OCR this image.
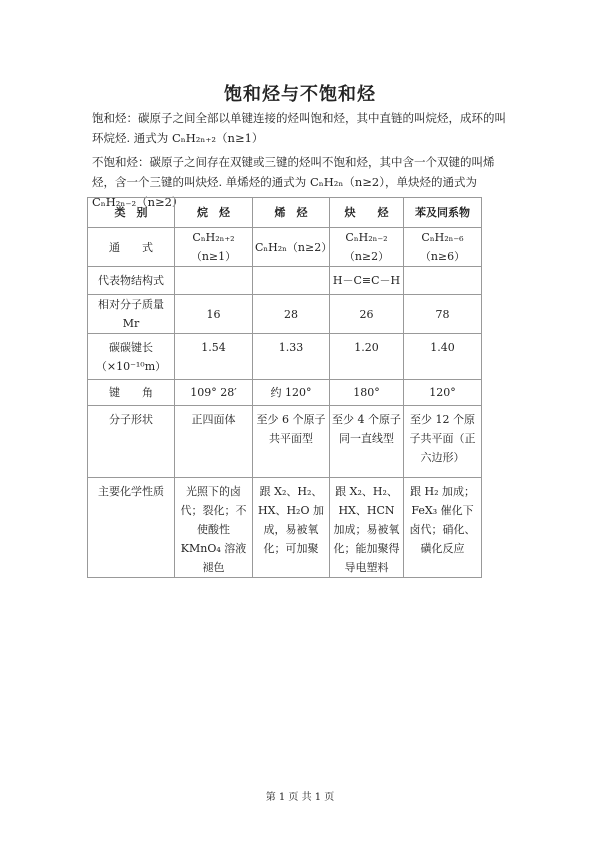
饱和烃与不饱和烃
饱和烃：碳原子之间全部以单键连接的烃叫饱和烃，其中直链的叫烷烃，成环的叫环烷烃. 通式为 CₙH₂ₙ₊₂（n≥1）
不饱和烃：碳原子之间存在双键或三键的烃叫不饱和烃，其中含一个双键的叫烯烃，含一个三键的叫炔烃. 单烯烃的通式为 CₙH₂ₙ（n≥2），单炔烃的通式为 CₙH₂ₙ₋₂（n≥2）
类　别	烷　烃	烯　烃	炔　　烃	苯及同系物
通　　式	CₙH₂ₙ₊₂（n≥1）	CₙH₂ₙ（n≥2）	CₙH₂ₙ₋₂（n≥2）	CₙH₂ₙ₋₆（n≥6）
代表物结构式			H－C≡C－H	
相对分子质量 Mr	16	28	26	78
碳碳键长（×10⁻¹⁰m）	1.54	1.33	1.20	1.40
键　　角	109° 28′	约 120°	180°	120°
分子形状	正四面体	至少 6 个原子共平面型	至少 4 个原子同一直线型	至少 12 个原子共平面（正六边形）
主要化学性质	光照下的卤代；裂化；不使酸性 KMnO₄ 溶液褪色	跟 X₂、H₂、HX、H₂O 加成，易被氧化；可加聚	跟 X₂、H₂、HX、HCN 加成；易被氧化；能加聚得导电塑料	跟 H₂ 加成；FeX₃ 催化下卤代；硝化、磺化反应
第 1 页 共 1 页
